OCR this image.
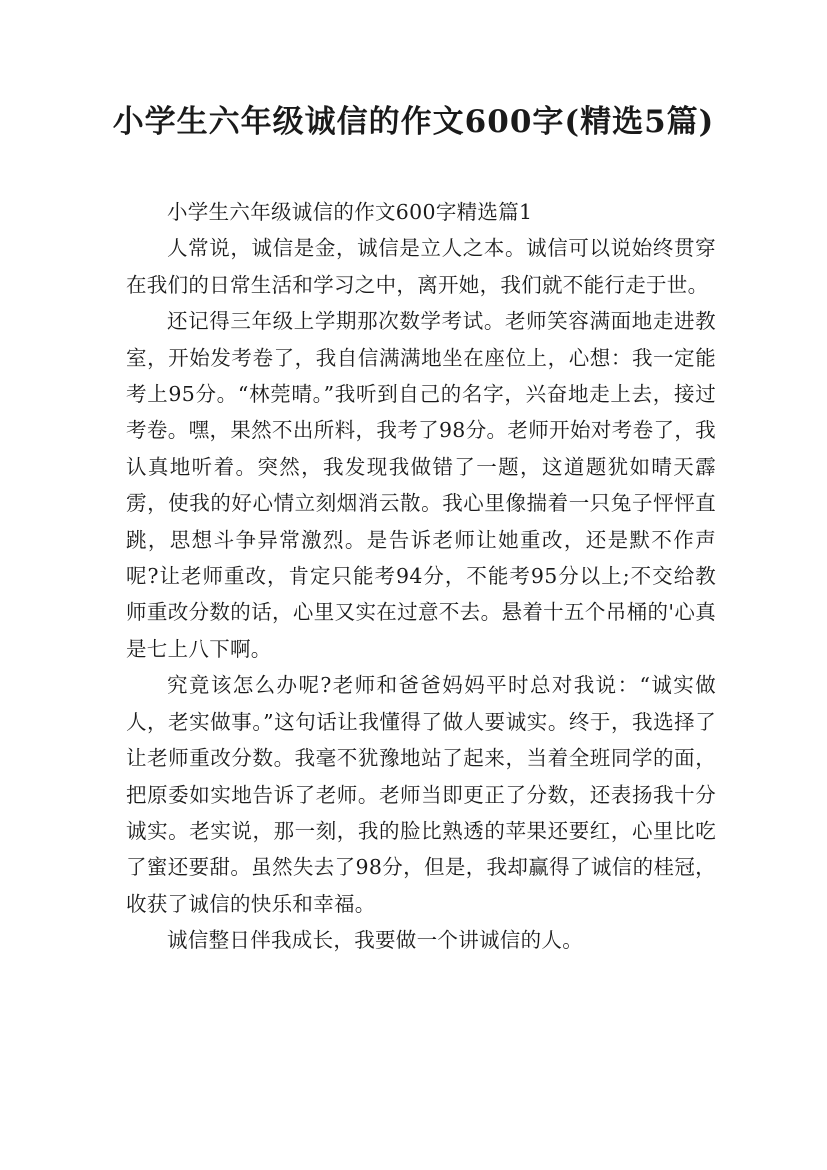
小学生六年级诚信的作文600字(精选5篇)

小学生六年级诚信的作文600字精选篇1

人常说，诚信是金，诚信是立人之本。诚信可以说始终贯穿在我们的日常生活和学习之中，离开她，我们就不能行走于世。

还记得三年级上学期那次数学考试。老师笑容满面地走进教室，开始发考卷了，我自信满满地坐在座位上，心想：我一定能考上95分。“林莞晴。”我听到自己的名字，兴奋地走上去，接过考卷。嘿，果然不出所料，我考了98分。老师开始对考卷了，我认真地听着。突然，我发现我做错了一题，这道题犹如晴天霹雳，使我的好心情立刻烟消云散。我心里像揣着一只兔子怦怦直跳，思想斗争异常激烈。是告诉老师让她重改，还是默不作声呢?让老师重改，肯定只能考94分，不能考95分以上;不交给教师重改分数的话，心里又实在过意不去。悬着十五个吊桶的'心真是七上八下啊。

究竟该怎么办呢?老师和爸爸妈妈平时总对我说：“诚实做人，老实做事。”这句话让我懂得了做人要诚实。终于，我选择了让老师重改分数。我毫不犹豫地站了起来，当着全班同学的面，把原委如实地告诉了老师。老师当即更正了分数，还表扬我十分诚实。老实说，那一刻，我的脸比熟透的苹果还要红，心里比吃了蜜还要甜。虽然失去了98分，但是，我却赢得了诚信的桂冠，收获了诚信的快乐和幸福。

诚信整日伴我成长，我要做一个讲诚信的人。
